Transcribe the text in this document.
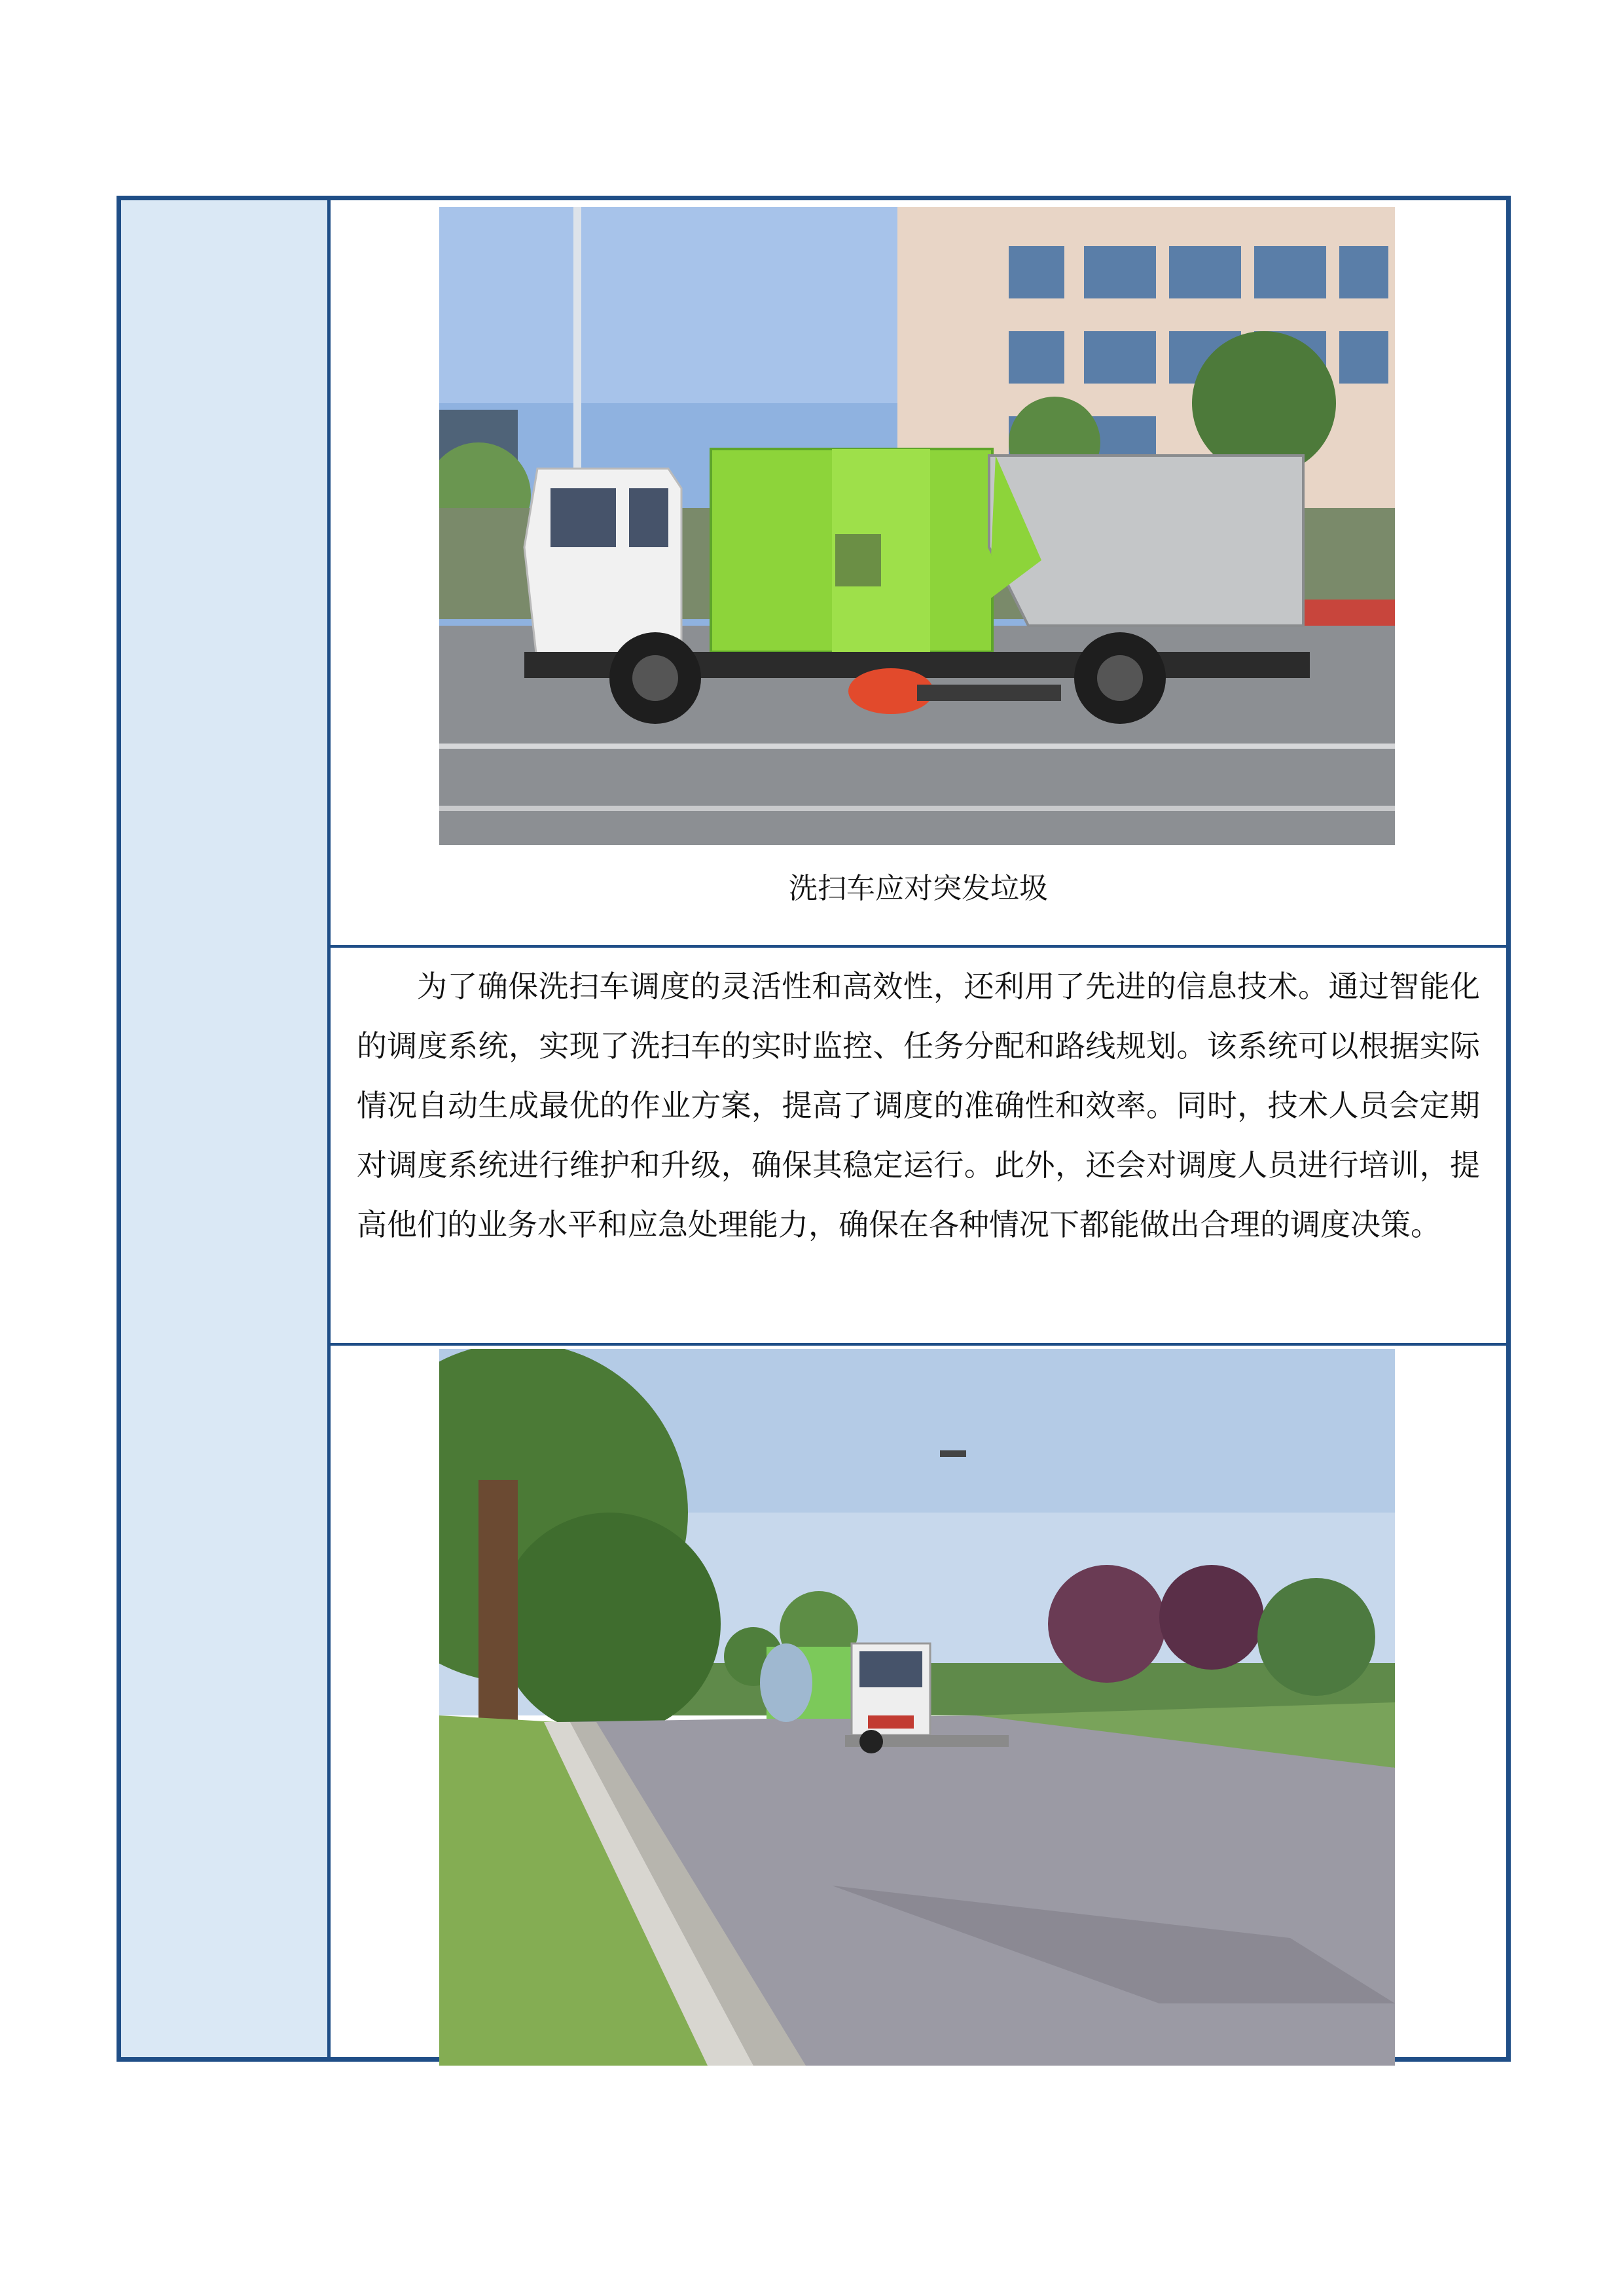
洗扫车应对突发垃圾

为了确保洗扫车调度的灵活性和高效性，还利用了先进的信息技术。通过智能化的调度系统，实现了洗扫车的实时监控、任务分配和路线规划。该系统可以根据实际情况自动生成最优的作业方案，提高了调度的准确性和效率。同时，技术人员会定期对调度系统进行维护和升级，确保其稳定运行。此外，还会对调度人员进行培训，提高他们的业务水平和应急处理能力，确保在各种情况下都能做出合理的调度决策。
